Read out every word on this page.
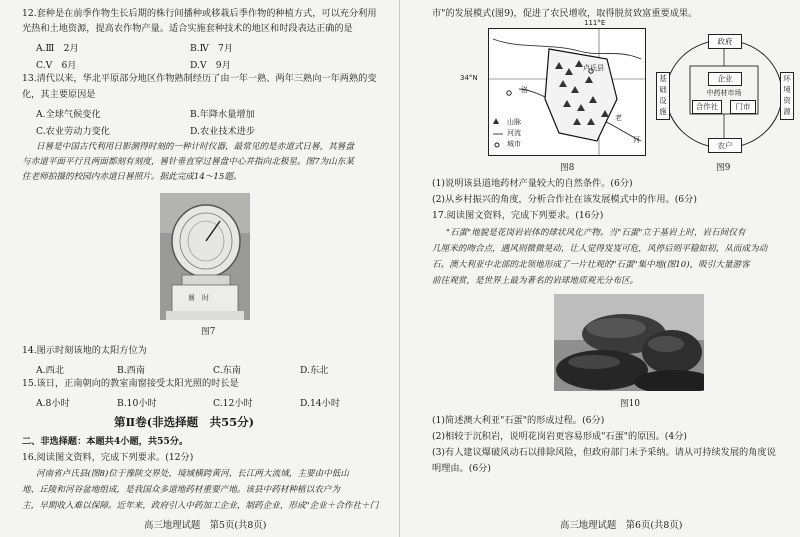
12.套种是在前季作物生长后期的株行间播种或移栽后季作物的种植方式，可以充分利用
光热和土地资源，提高农作物产量。适合实施套种技术的地区和时段表达正确的是
A.Ⅲ　2月	B.Ⅳ　7月
C.Ⅴ　6月	D.Ⅴ　9月
13.清代以来，华北平原部分地区作物熟制经历了由一年一熟、两年三熟向一年两熟的变
化，其主要原因是
A.全球气候变化	B.年降水量增加
C.农业劳动力变化	D.农业技术进步
日晷是中国古代利用日影测得时刻的一种计时仪器，最常见的是赤道式日晷，其晷盘
与赤道平面平行且两面都刻有刻度，晷针垂直穿过晷盘中心并指向北极星。图7为山东某
住老师拍摄的校园内赤道日晷照片。据此完成14～15题。
晷　时
图7
14.图示时刻该地的太阳方位为
A.西北	B.西南	C.东南	D.东北
15.该日，正南朝向的教室南窗接受太阳光照的时长是
A.8小时	B.10小时	C.12小时	D.14小时
第Ⅱ卷(非选择题　共55分)
二、非选择题：本题共4小题，共55分。
16.阅读图文资料，完成下列要求。(12分)
河南省卢氏县(图8)位于豫陕交界处，境域横跨黄河、长江两大流域，主要由中低山
地、丘陵和河谷盆地组成，是我国众多道地药材重要产地。该县中药材种植以农户为
主，早期收入难以保障。近年来，政府引入中药加工企业，制药企业，形成"企业＋合作社＋门
高三地理试题　第5页(共8页)
市"的发展模式(图9)，促进了农民增收，取得脱贫致富重要成果。
洛
卢氏县
老
河
山脉
河流
城市
111°E
34°N
图8
政府
企业
中药材市场
合作社	门市
农户
基础设施
环境资源
图9
(1)说明该县道地药材产量较大的自然条件。(6分)
(2)从乡村振兴的角度，分析合作社在该发展模式中的作用。(6分)
17.阅读图文资料，完成下列要求。(16分)
"石蛋"地貌是花岗岩岩体的球状风化产物。当"石蛋"立于基岩上时，岩石间仅有
几厘米的吻合点，遇风则微微晃动，让人觉得岌岌可危，风停后则平稳如初，从而成为动
石。澳大利亚中北部的北领地形成了一片壮观的"石蛋"集中地(图10)，吸引大量游客
前往观赏，是世界上最为著名的岩球地质观光分布区。
图10
(1)简述澳大利亚"石蛋"的形成过程。(6分)
(2)相较于沉积岩，说明花岗岩更容易形成"石蛋"的原因。(4分)
(3)有人建议爆破风动石以排除风险，但政府部门未予采纳。请从可持续发展的角度说
明理由。(6分)
高三地理试题　第6页(共8页)
